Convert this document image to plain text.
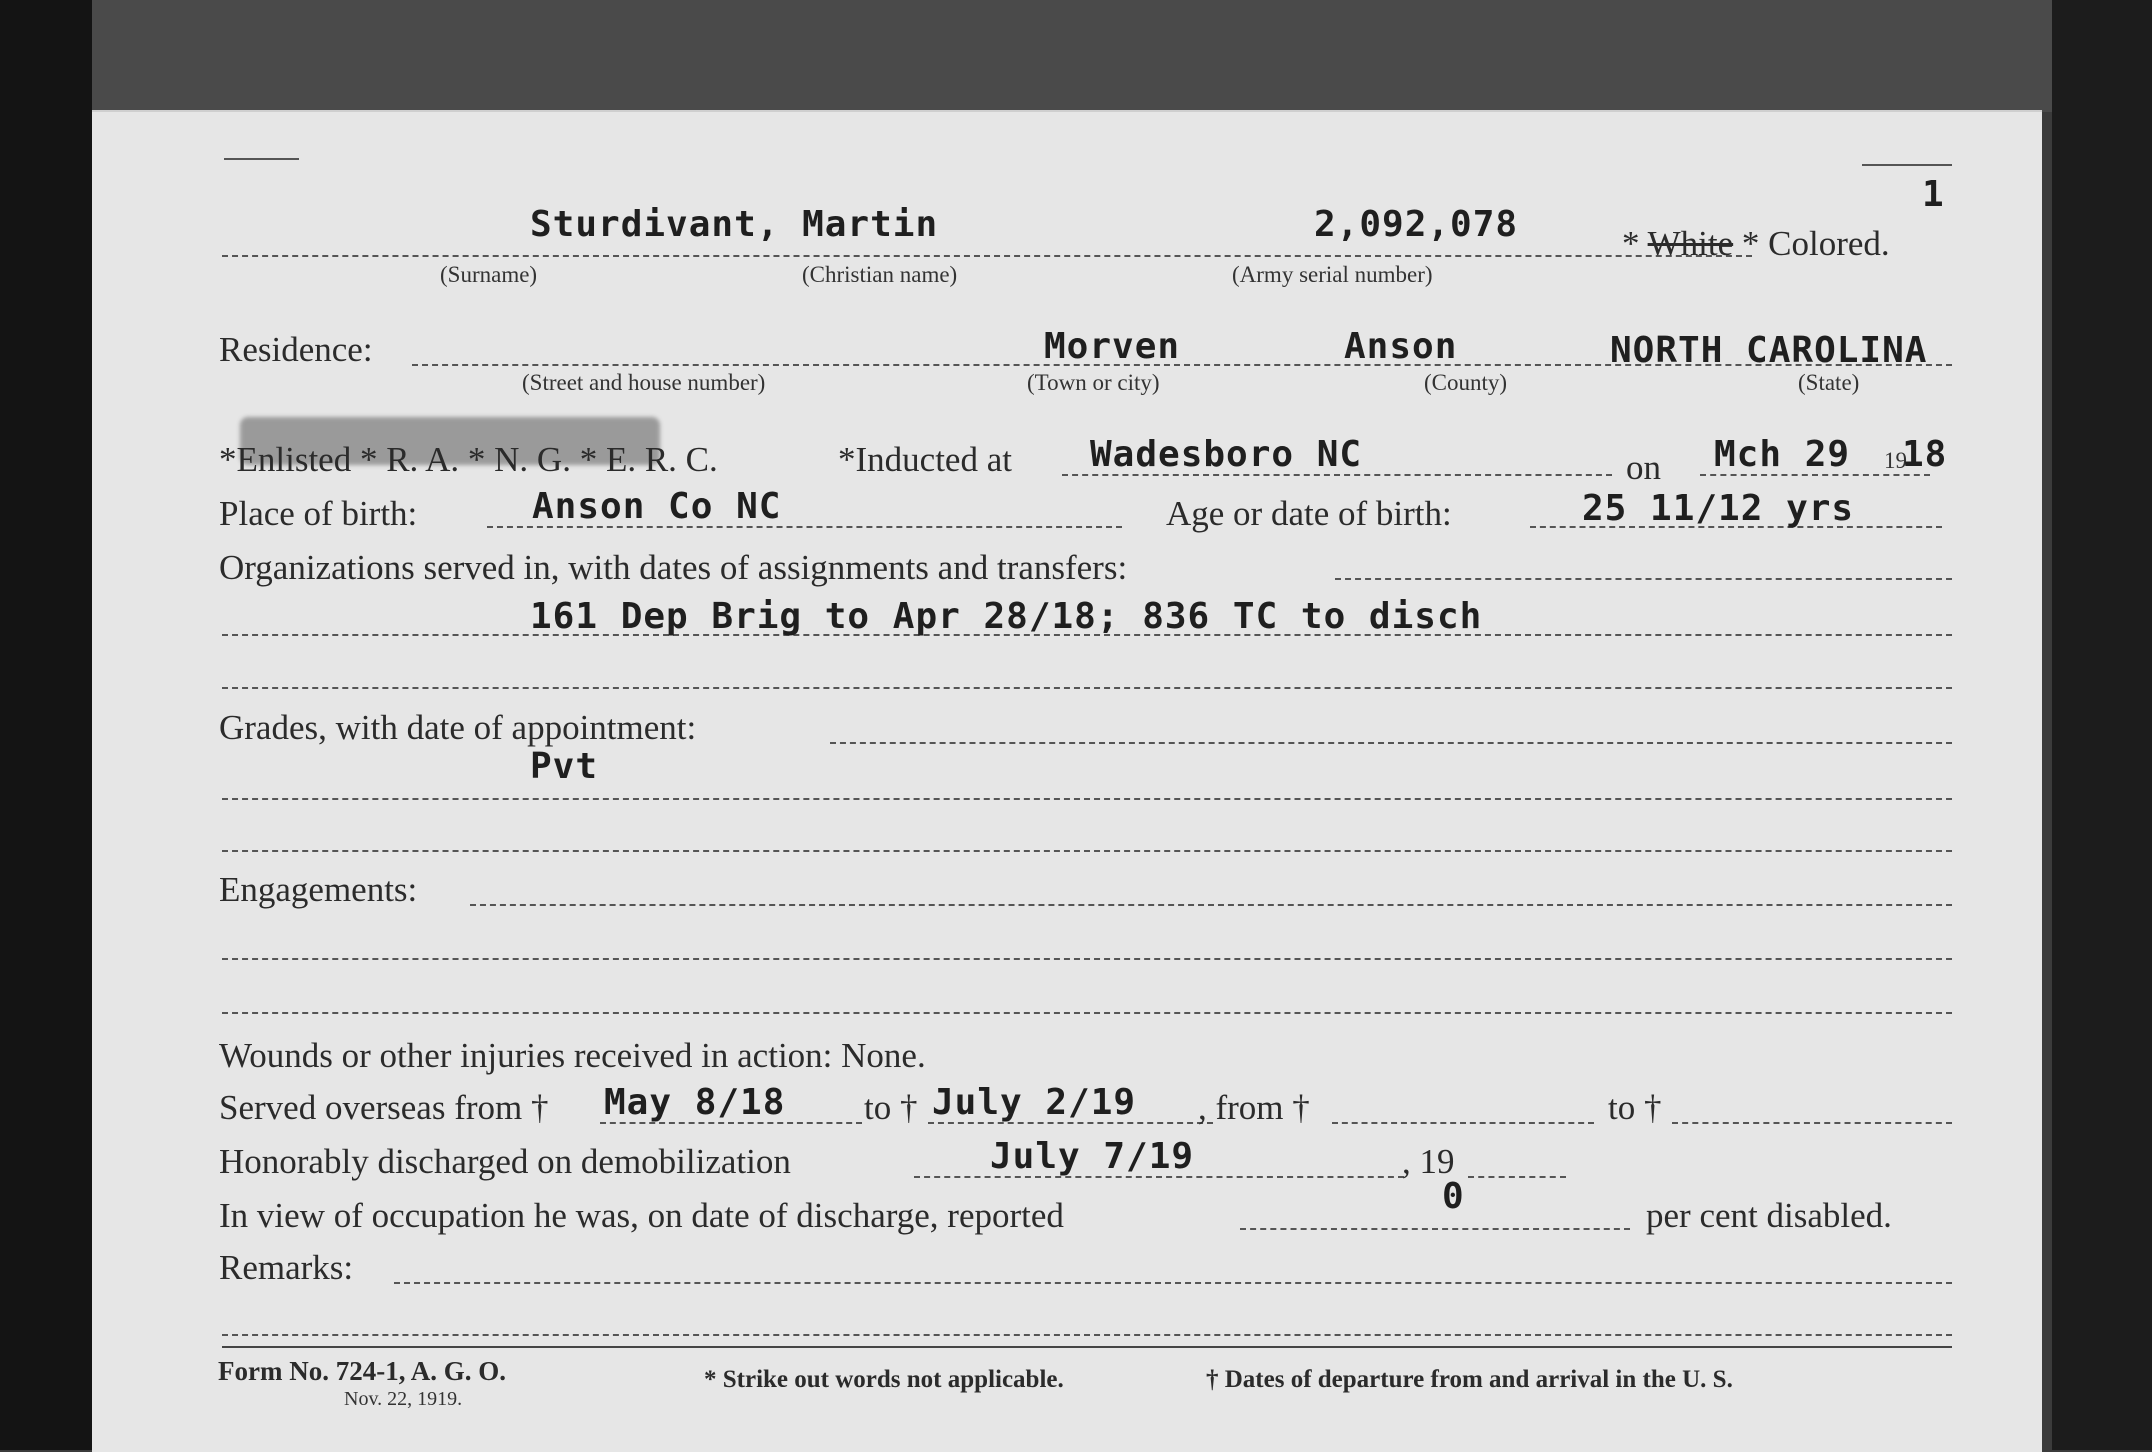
1
Sturdivant, Martin	2,092,078	* White * Colored.
(Surname)	(Christian name)	(Army serial number)
Residence:	Morven	Anson	NORTH CAROLINA
(Street and house number)	(Town or city)	(County)	(State)
*Enlisted * R. A. * N. G. * E. R. C.	*Inducted at Wadesboro NC	on Mch 29 19
18
Place of birth:	Anson Co NC	Age or date of birth:	25 11/12 yrs
Organizations served in, with dates of assignments and transfers:
161 Dep Brig to Apr 28/18; 836 TC to disch
Grades, with date of appointment:
Pvt
Engagements:
Wounds or other injuries received in action: None.
Served overseas from † May 8/18 to † July 2/19 , from †	to †
Honorably discharged on demobilization	July 7/19	, 19
In view of occupation he was, on date of discharge, reported	0	per cent disabled.
Remarks:
Form No. 724-1, A. G. O.
Nov. 22, 1919.
* Strike out words not applicable.	† Dates of departure from and arrival in the U. S.
